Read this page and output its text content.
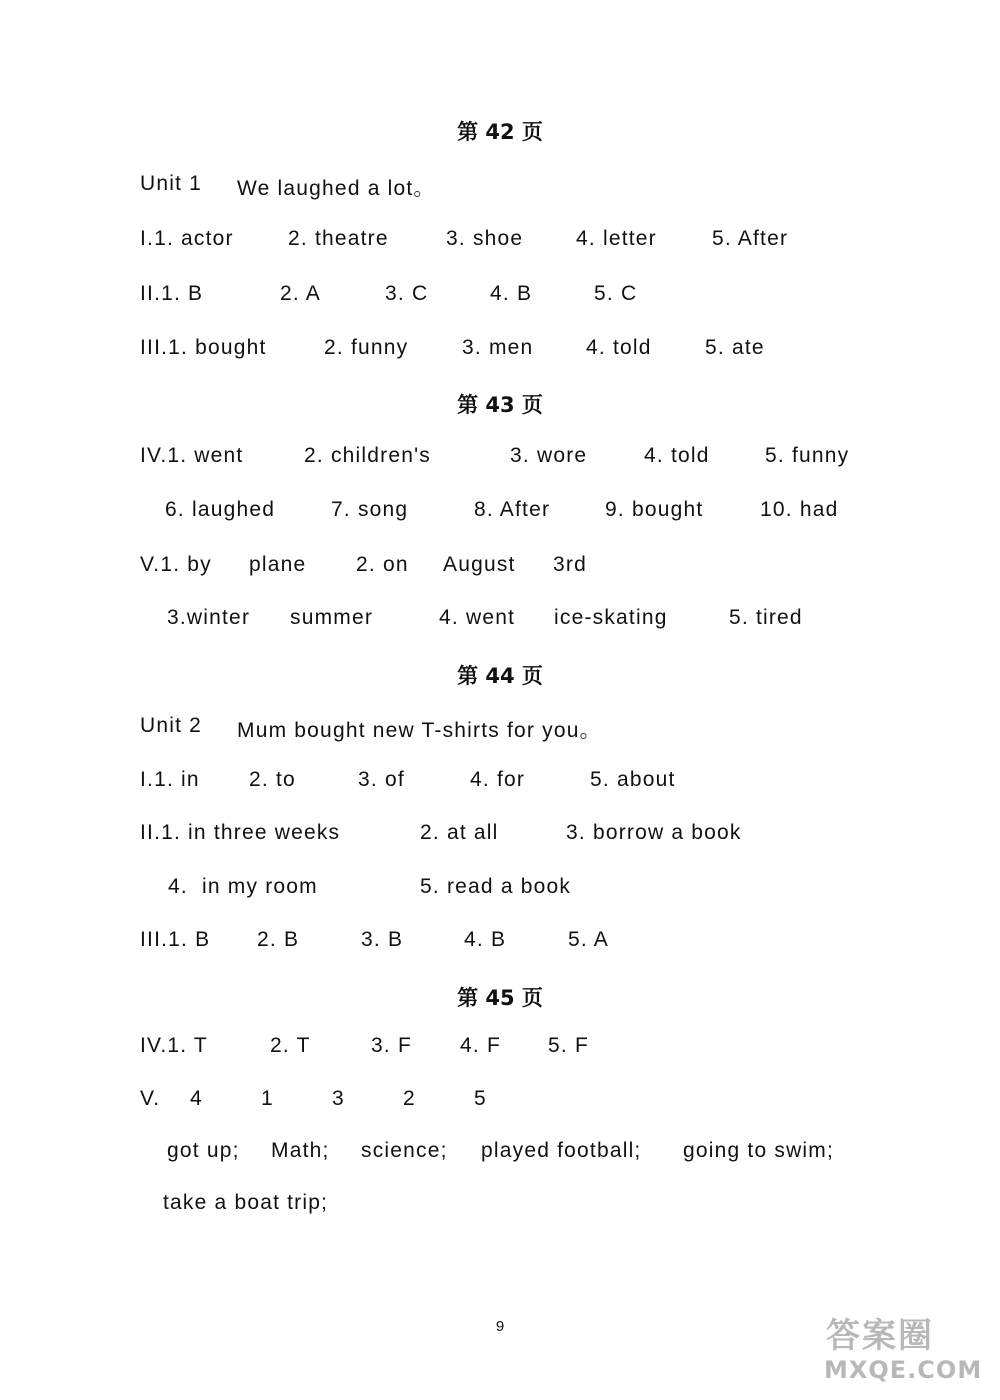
第 42 页
Unit 1 We laughed a lot。
I.1. actor	2. theatre	3. shoe	4. letter	5. After
II.1. B	2. A	3. C	4. B	5. C
III.1. bought	2. funny	3. men	4. told	5. ate
第 43 页
IV.1. went	2. children's	3. wore	4. told	5. funny
6. laughed	7. song	8. After	9. bought	10. had
V.1. by plane 2. on August 3rd
3.winter summer	4. went ice-skating	5. tired
第 44 页
Unit 2 Mum bought new T-shirts for you。
I.1. in 2. to	3. of	4. for	5. about
II.1. in three weeks	2. at all	3. borrow a book
4.  in my room	5. read a book
III.1. B 2. B	3. B	4. B	5. A
第 45 页
IV.1. T	2. T	3. F 4. F 5. F
V. 4	1	3	2	5
got up; Math; science; played football; going to swim;
take a boat trip;
9	答案圈
MXQE.COM
